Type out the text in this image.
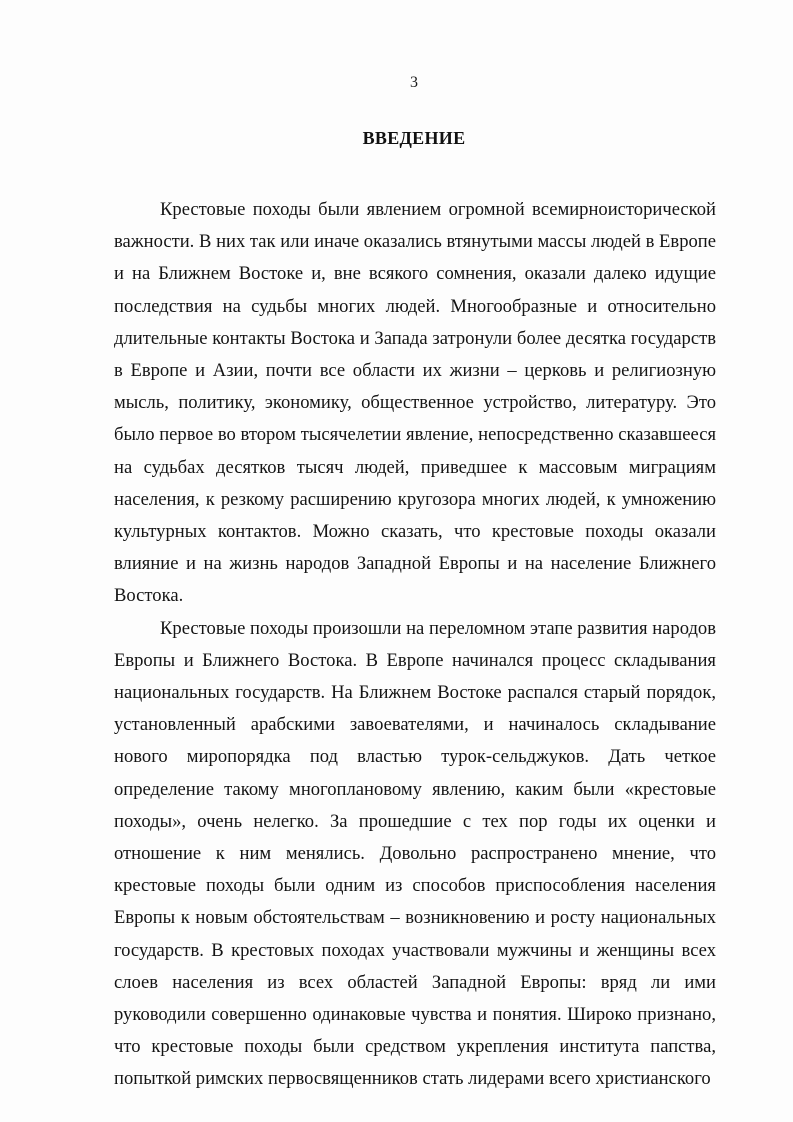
3
ВВЕДЕНИЕ

Крестовые походы были явлением огромной всемирноисторической важности. В них так или иначе оказались втянутыми массы людей в Европе и на Ближнем Востоке и, вне всякого сомнения, оказали далеко идущие последствия на судьбы многих людей. Многообразные и относительно длительные контакты Востока и Запада затронули более десятка государств в Европе и Азии, почти все области их жизни – церковь и религиозную мысль, политику, экономику, общественное устройство, литературу. Это было первое во втором тысячелетии явление, непосредственно сказавшееся на судьбах десятков тысяч людей, приведшее к массовым миграциям населения, к резкому расширению кругозора многих людей, к умножению культурных контактов. Можно сказать, что крестовые походы оказали влияние и на жизнь народов Западной Европы и на население Ближнего Востока.

Крестовые походы произошли на переломном этапе развития народов Европы и Ближнего Востока. В Европе начинался процесс складывания национальных государств. На Ближнем Востоке распался старый порядок, установленный арабскими завоевателями, и начиналось складывание нового миропорядка под властью турок-сельджуков. Дать четкое определение такому многоплановому явлению, каким были «крестовые походы», очень нелегко. За прошедшие с тех пор годы их оценки и отношение к ним менялись. Довольно распространено мнение, что крестовые походы были одним из способов приспособления населения Европы к новым обстоятельствам – возникновению и росту национальных государств. В крестовых походах участвовали мужчины и женщины всех слоев населения из всех областей Западной Европы: вряд ли ими руководили совершенно одинаковые чувства и понятия. Широко признано, что крестовые походы были средством укрепления института папства, попыткой римских первосвященников стать лидерами всего христианского
